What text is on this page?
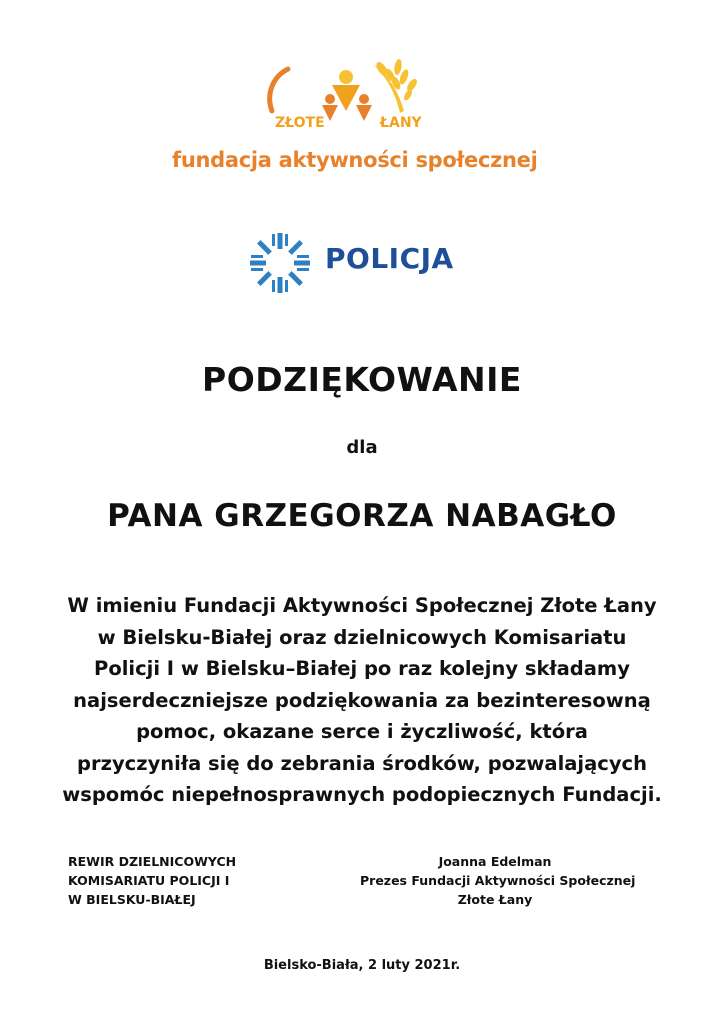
ZŁOTE	ŁANY
fundacja aktywności społecznej
POLICJA
PODZIĘKOWANIE
dla
PANA GRZEGORZA NABAGŁO
W imieniu Fundacji Aktywności Społecznej Złote Łany
w Bielsku-Białej oraz dzielnicowych Komisariatu
Policji I w Bielsku–Białej po raz kolejny składamy
najserdeczniejsze podziękowania za bezinteresowną
pomoc, okazane serce i życzliwość, która
przyczyniła się do zebrania środków, pozwalających
wspomóc niepełnosprawnych podopiecznych Fundacji.
REWIR DZIELNICOWYCH
KOMISARIATU POLICJI I
W BIELSKU-BIAŁEJ
Joanna Edelman
Prezes Fundacji Aktywności Społecznej
Złote Łany
Bielsko-Biała, 2 luty 2021r.
